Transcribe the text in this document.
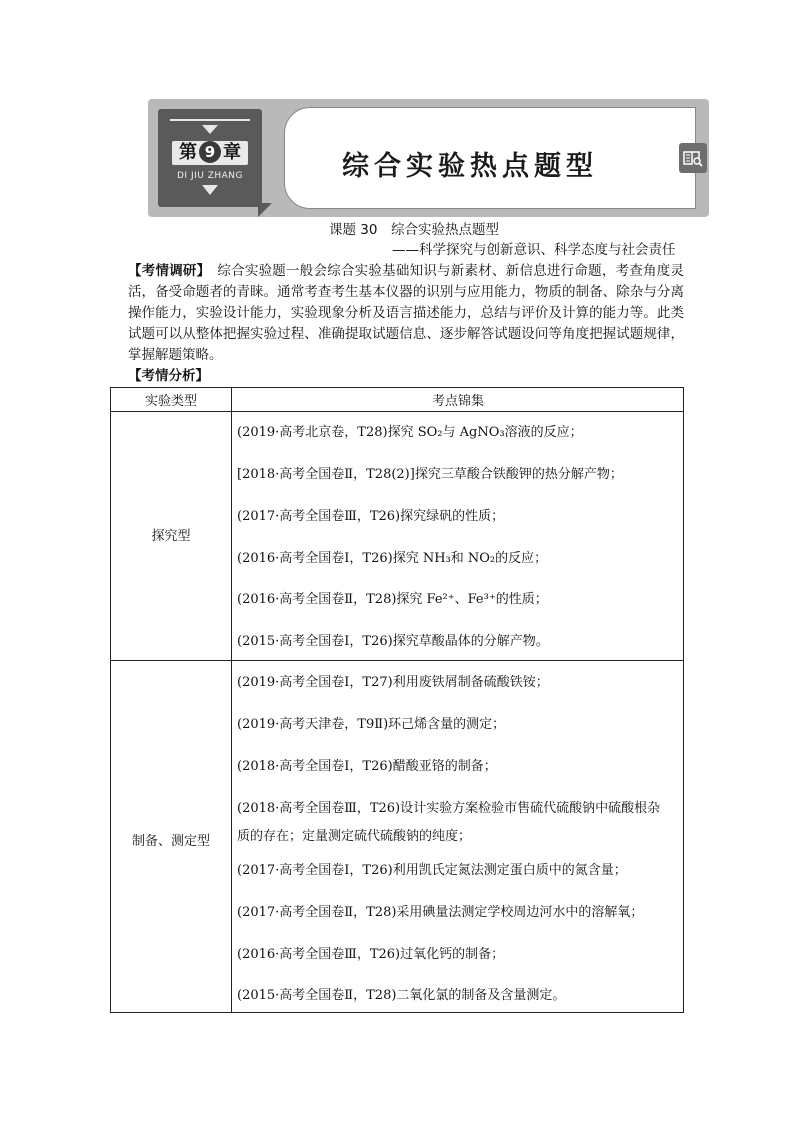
第 9 章
DI JIU ZHANG	综合实验热点题型
课题 30　综合实验热点题型
——科学探究与创新意识、科学态度与社会责任
【考情调研】　综合实验题一般会综合实验基础知识与新素材、新信息进行命题，考查角度灵活，备受命题者的青睐。通常考查考生基本仪器的识别与应用能力，物质的制备、除杂与分离操作能力，实验设计能力，实验现象分析及语言描述能力，总结与评价及计算的能力等。此类试题可以从整体把握实验过程、准确提取试题信息、逐步解答试题设问等角度把握试题规律，掌握解题策略。
【考情分析】
实验类型	考点锦集
探究型
(2019·高考北京卷，T28)探究 SO₂与 AgNO₃溶液的反应；
[2018·高考全国卷Ⅱ，T28(2)]探究三草酸合铁酸钾的热分解产物；
(2017·高考全国卷Ⅲ，T26)探究绿矾的性质；
(2016·高考全国卷Ⅰ，T26)探究 NH₃和 NO₂的反应；
(2016·高考全国卷Ⅱ，T28)探究 Fe²⁺、Fe³⁺的性质；
(2015·高考全国卷Ⅰ，T26)探究草酸晶体的分解产物。
制备、测定型
(2019·高考全国卷Ⅰ，T27)利用废铁屑制备硫酸铁铵；
(2019·高考天津卷，T9Ⅱ)环己烯含量的测定；
(2018·高考全国卷Ⅰ，T26)醋酸亚铬的制备；
(2018·高考全国卷Ⅲ，T26)设计实验方案检验市售硫代硫酸钠中硫酸根杂
质的存在；定量测定硫代硫酸钠的纯度；
(2017·高考全国卷Ⅰ，T26)利用凯氏定氮法测定蛋白质中的氮含量；
(2017·高考全国卷Ⅱ，T28)采用碘量法测定学校周边河水中的溶解氧；
(2016·高考全国卷Ⅲ，T26)过氧化钙的制备；
(2015·高考全国卷Ⅱ，T28)二氧化氯的制备及含量测定。
